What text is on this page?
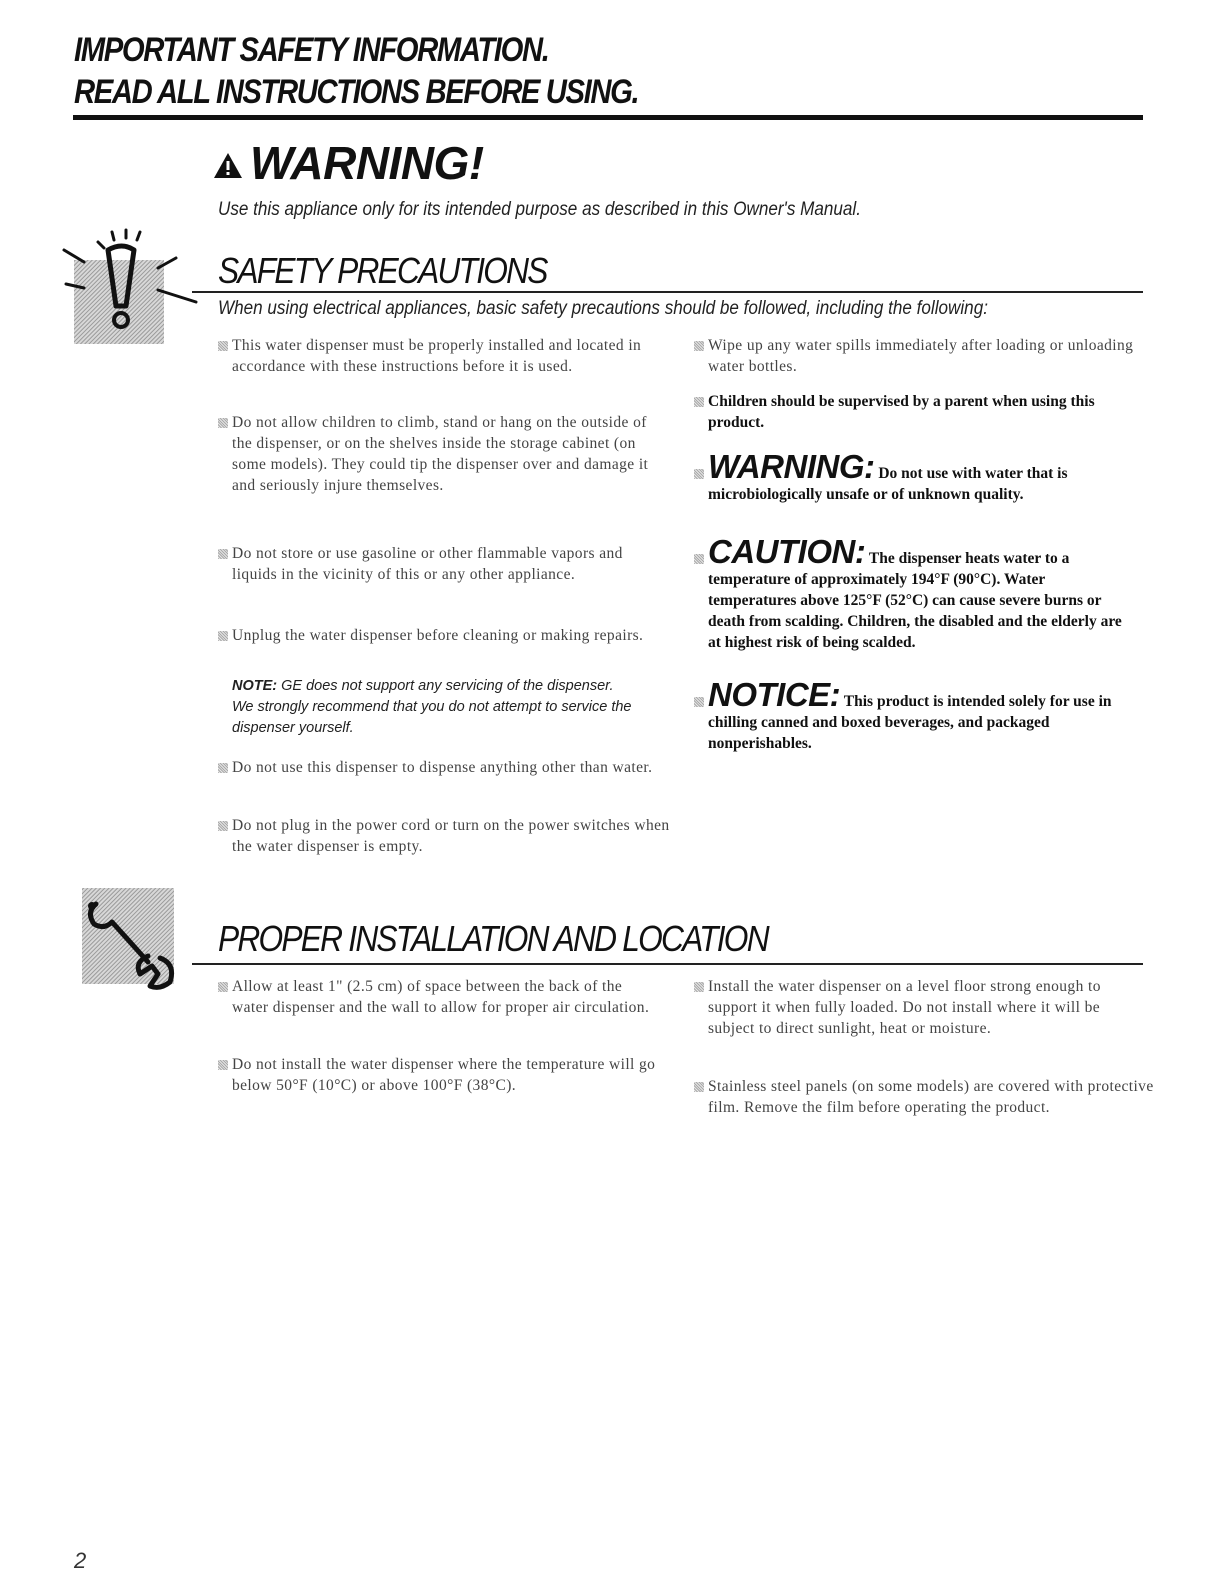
IMPORTANT SAFETY INFORMATION.
READ ALL INSTRUCTIONS BEFORE USING.
WARNING!
Use this appliance only for its intended purpose as described in this Owner's Manual.
SAFETY PRECAUTIONS
When using electrical appliances, basic safety precautions should be followed, including the following:
This water dispenser must be properly installed and located in accordance with these instructions before it is used.
Do not allow children to climb, stand or hang on the outside of the dispenser, or on the shelves inside the storage cabinet (on some models). They could tip the dispenser over and damage it and seriously injure themselves.
Do not store or use gasoline or other flammable vapors and liquids in the vicinity of this or any other appliance.
Unplug the water dispenser before cleaning or making repairs.
NOTE: GE does not support any servicing of the dispenser. We strongly recommend that you do not attempt to service the dispenser yourself.
Do not use this dispenser to dispense anything other than water.
Do not plug in the power cord or turn on the power switches when the water dispenser is empty.
Wipe up any water spills immediately after loading or unloading water bottles.
Children should be supervised by a parent when using this product.
WARNING: Do not use with water that is microbiologically unsafe or of unknown quality.
CAUTION: The dispenser heats water to a temperature of approximately 194°F (90°C). Water temperatures above 125°F (52°C) can cause severe burns or death from scalding. Children, the disabled and the elderly are at highest risk of being scalded.
NOTICE: This product is intended solely for use in chilling canned and boxed beverages, and packaged nonperishables.
PROPER INSTALLATION AND LOCATION
Allow at least 1" (2.5 cm) of space between the back of the water dispenser and the wall to allow for proper air circulation.
Do not install the water dispenser where the temperature will go below 50°F (10°C) or above 100°F (38°C).
Install the water dispenser on a level floor strong enough to support it when fully loaded. Do not install where it will be subject to direct sunlight, heat or moisture.
Stainless steel panels (on some models) are covered with protective film. Remove the film before operating the product.
2
